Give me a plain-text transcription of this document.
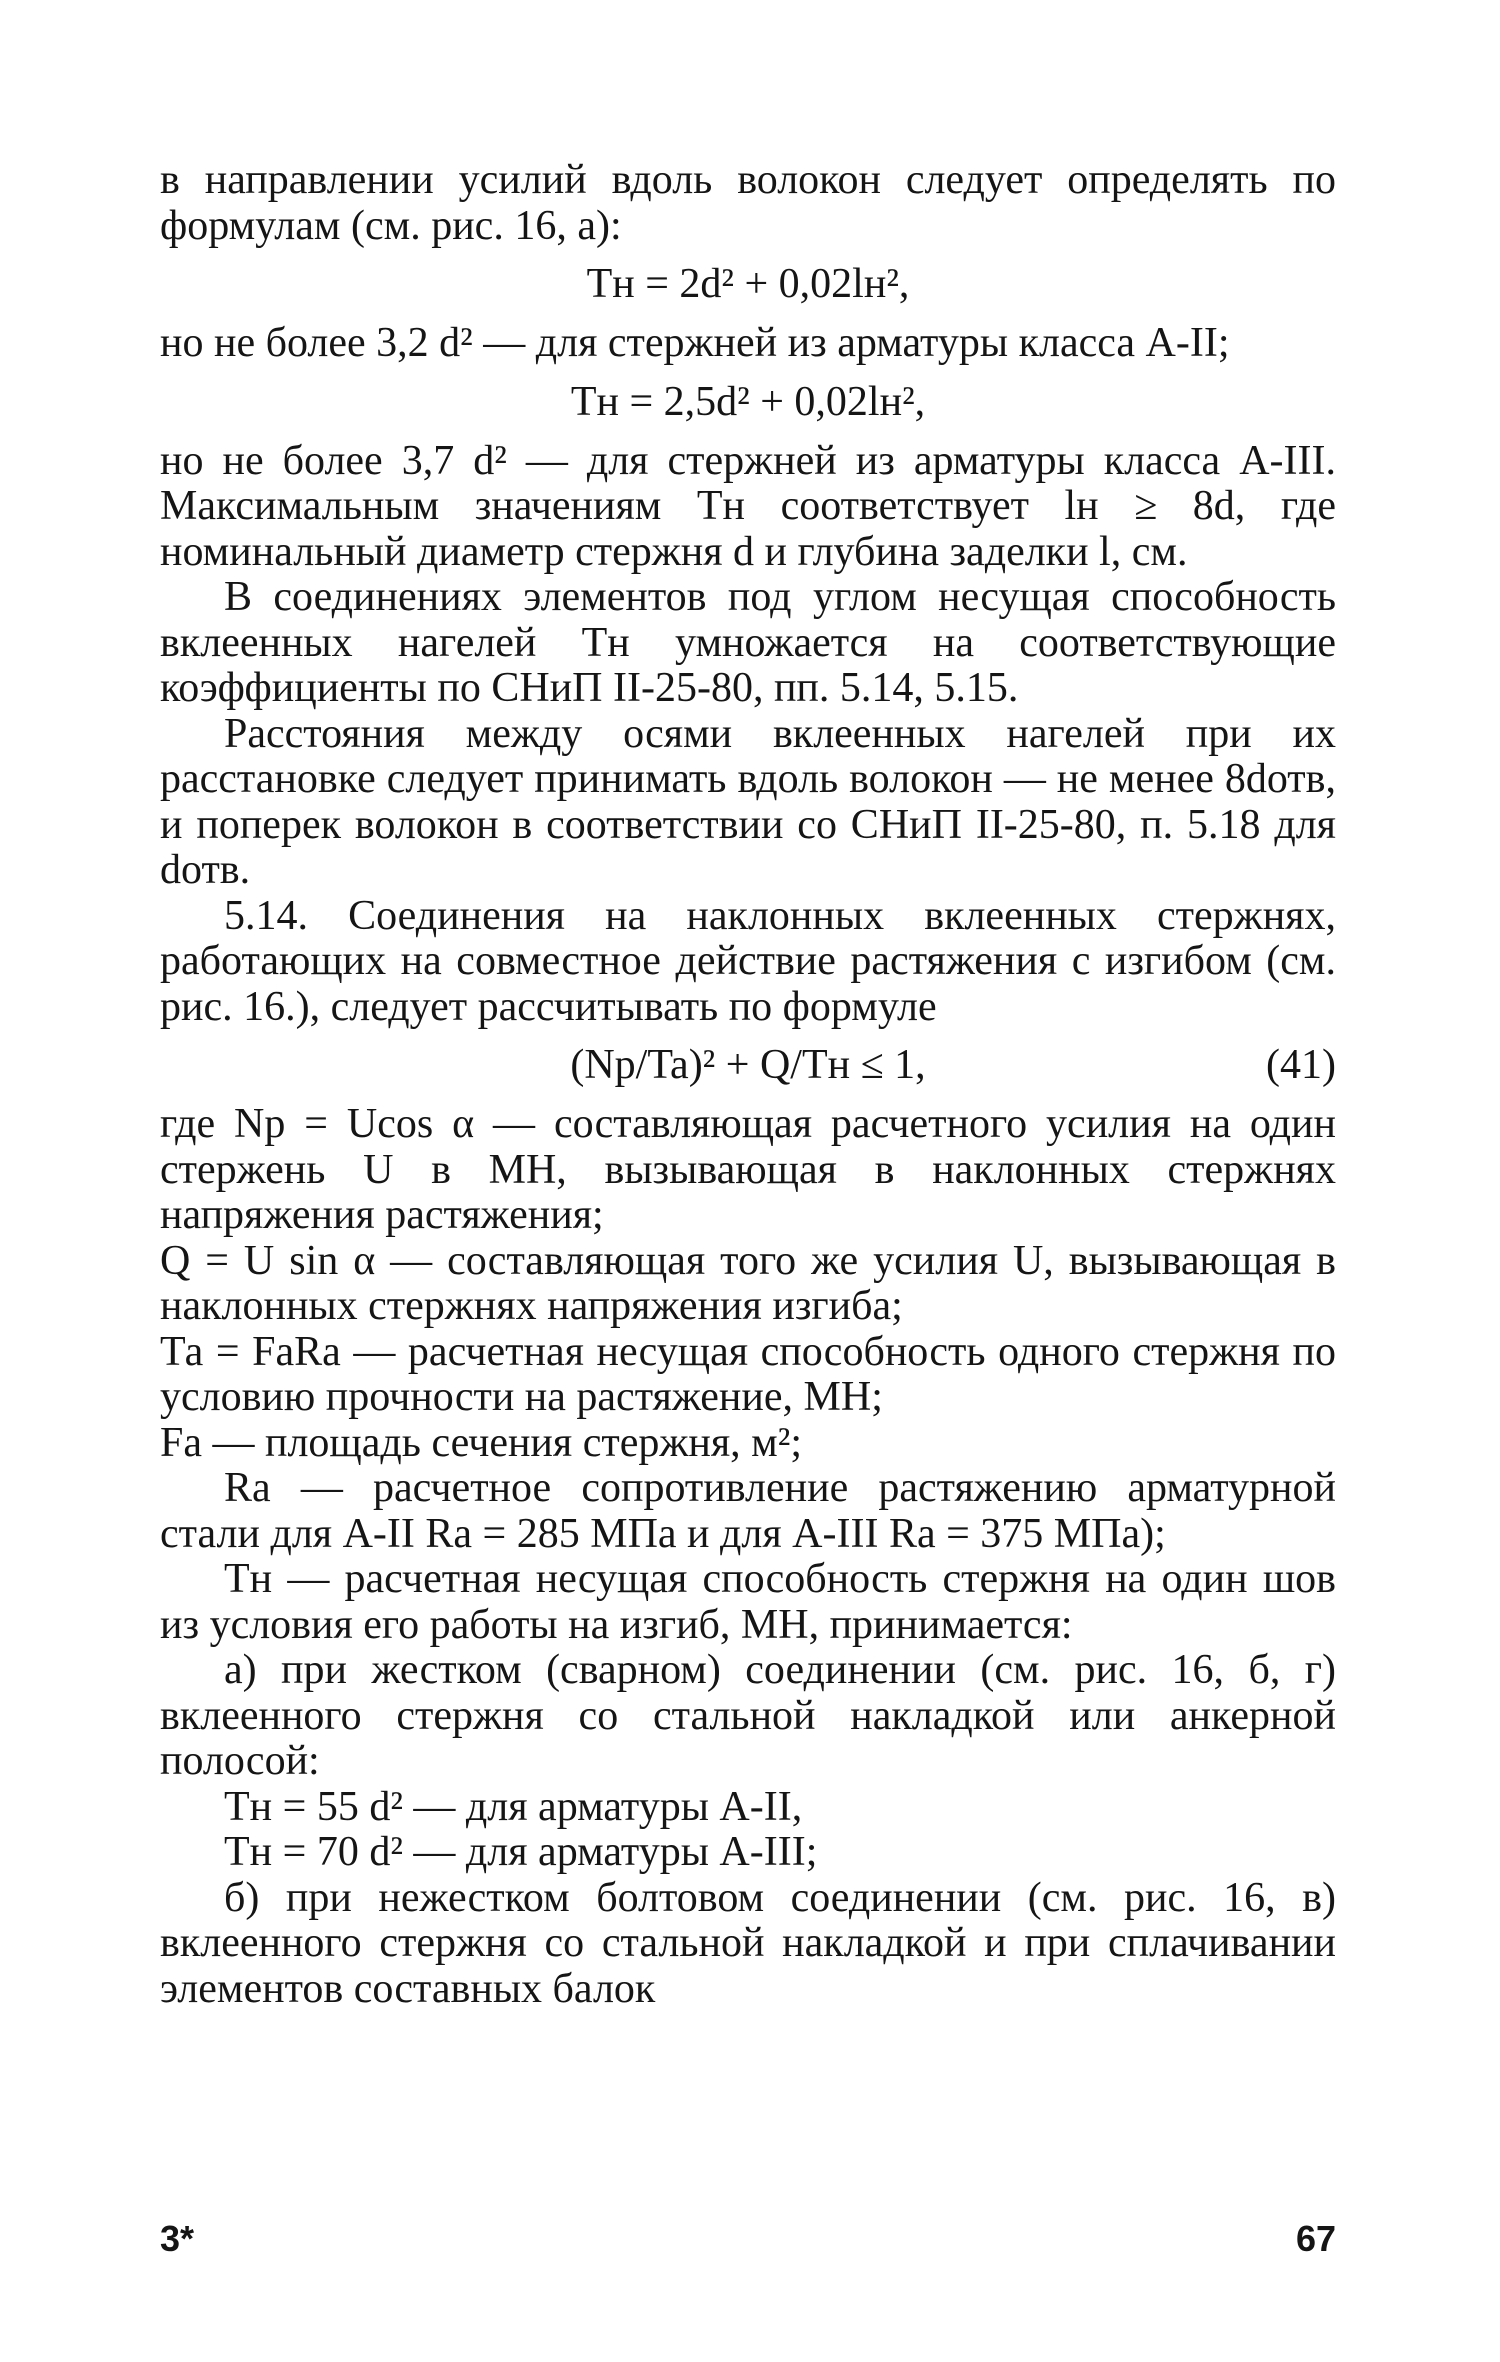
в направлении усилий вдоль волокон следует определять по формулам (см. рис. 16, а):

Тн = 2d² + 0,02lн²,

но не более 3,2 d² — для стержней из арматуры класса А-II;

Тн = 2,5d² + 0,02lн²,

но не более 3,7 d² — для стержней из арматуры класса А-III. Максимальным значениям Тн соответствует lн ≥ 8d, где номинальный диаметр стержня d и глубина заделки l, см.

В соединениях элементов под углом несущая способность вклеенных нагелей Тн умножается на соответствующие коэффициенты по СНиП II-25-80, пп. 5.14, 5.15.

Расстояния между осями вклеенных нагелей при их расстановке следует принимать вдоль волокон — не менее 8dотв, и поперек волокон в соответствии со СНиП II-25-80, п. 5.18 для dотв.

5.14. Соединения на наклонных вклеенных стержнях, работающих на совместное действие растяжения с изгибом (см. рис. 16.), следует рассчитывать по формуле

(Np/Ta)² + Q/Tн ≤ 1,	(41)

где Np = Ucos α — составляющая расчетного усилия на один стержень U в МН, вызывающая в наклонных стержнях напряжения растяжения;

Q = U sin α — составляющая того же усилия U, вызывающая в наклонных стержнях напряжения изгиба;

Та = FаRа — расчетная несущая способность одного стержня по условию прочности на растяжение, МН;

Fа — площадь сечения стержня, м²;

Rа — расчетное сопротивление растяжению арматурной стали для А-II Rа = 285 МПа и для А-III Rа = 375 МПа);

Тн — расчетная несущая способность стержня на один шов из условия его работы на изгиб, МН, принимается:

а) при жестком (сварном) соединении (см. рис. 16, б, г) вклеенного стержня со стальной накладкой или анкерной полосой:

Тн = 55 d² — для арматуры А-II,

Тн = 70 d² — для арматуры А-III;

б) при нежестком болтовом соединении (см. рис. 16, в) вклеенного стержня со стальной накладкой и при сплачивании элементов составных балок

3*	67
